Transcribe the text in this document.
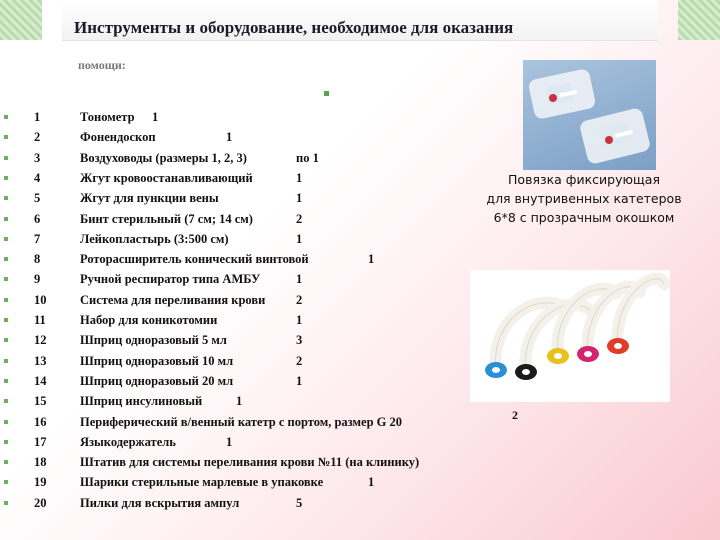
Инструменты и оборудование, необходимое для оказания
помощи:
1	Тонометр 1
2	Фонендоскоп	1
3	Воздуховоды (размеры 1, 2, 3)	по 1
4	Жгут кровоостанавливающий	1
5	Жгут для пункции вены	1
6	Бинт стерильный (7 см; 14 см)	2
7	Лейкопластырь (3:500 см)	1
8	Роторасширитель конический винтовой	1
9	Ручной респиратор типа АМБУ	1
10	Система для переливания крови 2
11	Набор для коникотомии	1
12	Шприц одноразовый 5 мл	3
13	Шприц одноразовый 10 мл	2
14	Шприц одноразовый 20 мл	1
15	Шприц инсулиновый	1
16	Периферический в/венный катетр с портом, размер G 20
17	Языкодержатель	1
18	Штатив для системы переливания крови №11 (на клинику)
19	Шарики стерильные марлевые в упаковке	1
20	Пилки для вскрытия ампул	5
2
Повязка фиксирующая
для внутривенных катетеров
6*8 с прозрачным окошком
